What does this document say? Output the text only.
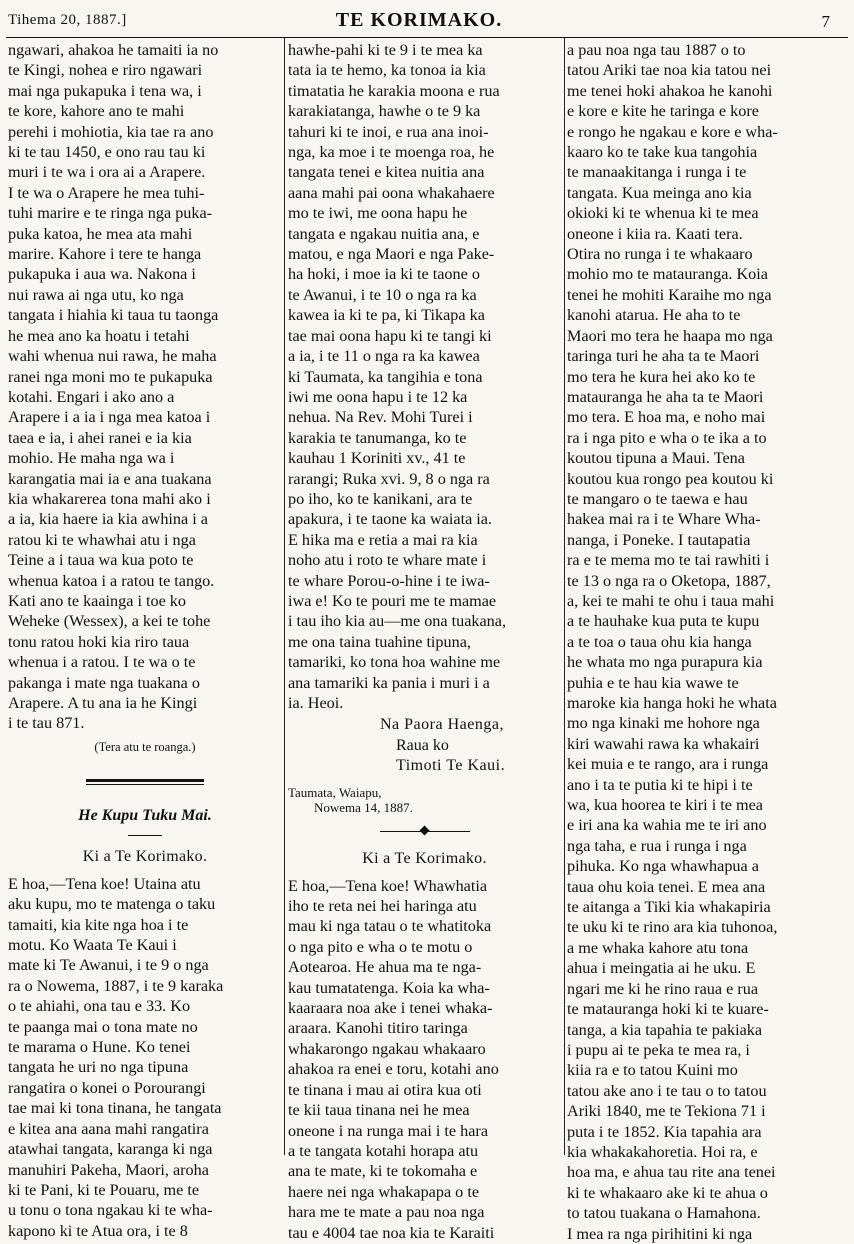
Tihema 20, 1887.]	TE KORIMAKO.	7

ngawari, ahakoa he tamaiti ia no

te Kingi, nohea e riro ngawari

mai nga pukapuka i tena wa, i

te kore, kahore ano te mahi

perehi i mohiotia, kia tae ra ano

ki te tau 1450, e ono rau tau ki

muri i te wa i ora ai a Arapere.

I te wa o Arapere he mea tuhi-

tuhi marire e te ringa nga puka-

puka katoa, he mea ata mahi

marire. Kahore i tere te hanga

pukapuka i aua wa. Nakona i

nui rawa ai nga utu, ko nga

tangata i hiahia ki taua tu taonga

he mea ano ka hoatu i tetahi

wahi whenua nui rawa, he maha

ranei nga moni mo te pukapuka

kotahi. Engari i ako ano a

Arapere i a ia i nga mea katoa i

taea e ia, i ahei ranei e ia kia

mohio. He maha nga wa i

karangatia mai ia e ana tuakana

kia whakarerea tona mahi ako i

a ia, kia haere ia kia awhina i a

ratou ki te whawhai atu i nga

Teine a i taua wa kua poto te

whenua katoa i a ratou te tango.

Kati ano te kaainga i toe ko

Weheke (Wessex), a kei te tohe

tonu ratou hoki kia riro taua

whenua i a ratou. I te wa o te

pakanga i mate nga tuakana o

Arapere. A tu ana ia he Kingi

i te tau 871.

(Tera atu te roanga.)
He Kupu Tuku Mai.
Ki a Te Korimako.

E hoa,—Tena koe! Utaina atu

aku kupu, mo te matenga o taku

tamaiti, kia kite nga hoa i te

motu. Ko Waata Te Kaui i

mate ki Te Awanui, i te 9 o nga

ra o Nowema, 1887, i te 9 karaka

o te ahiahi, ona tau e 33. Ko

te paanga mai o tona mate no

te marama o Hune. Ko tenei

tangata he uri no nga tipuna

rangatira o konei o Porourangi

tae mai ki tona tinana, he tangata

e kitea ana aana mahi rangatira

atawhai tangata, karanga ki nga

manuhiri Pakeha, Maori, aroha

ki te Pani, ki te Pouaru, me te

u tonu o tona ngakau ki te wha-

kapono ki te Atua ora, i te 8

hawhe-pahi ki te 9 i te mea ka

tata ia te hemo, ka tonoa ia kia

timatatia he karakia moona e rua

karakiatanga, hawhe o te 9 ka

tahuri ki te inoi, e rua ana inoi-

nga, ka moe i te moenga roa, he

tangata tenei e kitea nuitia ana

aana mahi pai oona whakahaere

mo te iwi, me oona hapu he

tangata e ngakau nuitia ana, e

matou, e nga Maori e nga Pake-

ha hoki, i moe ia ki te taone o

te Awanui, i te 10 o nga ra ka

kawea ia ki te pa, ki Tikapa ka

tae mai oona hapu ki te tangi ki

a ia, i te 11 o nga ra ka kawea

ki Taumata, ka tangihia e tona

iwi me oona hapu i te 12 ka

nehua. Na Rev. Mohi Turei i

karakia te tanumanga, ko te

kauhau 1 Koriniti xv., 41 te

rarangi; Ruka xvi. 9, 8 o nga ra

po iho, ko te kanikani, ara te

apakura, i te taone ka waiata ia.

E hika ma e retia a mai ra kia

noho atu i roto te whare mate i

te whare Porou-o-hine i te iwa-

iwa e! Ko te pouri me te mamae

i tau iho kia au—me ona tuakana,

me ona taina tuahine tipuna,

tamariki, ko tona hoa wahine me

ana tamariki ka pania i muri i a

ia. Heoi.

Na Paora Haenga,
Raua ko
Timoti Te Kaui.
Taumata, Waiapu,
Nowema 14, 1887.
Ki a Te Korimako.

E hoa,—Tena koe! Whawhatia

iho te reta nei hei haringa atu

mau ki nga tatau o te whatitoka

o nga pito e wha o te motu o

Aotearoa. He ahua ma te nga-

kau tumatatenga. Koia ka wha-

kaaraara noa ake i tenei whaka-

araara. Kanohi titiro taringa

whakarongo ngakau whakaaro

ahakoa ra enei e toru, kotahi ano

te tinana i mau ai otira kua oti

te kii taua tinana nei he mea

oneone i na runga mai i te hara

a te tangata kotahi horapa atu

ana te mate, ki te tokomaha e

haere nei nga whakapapa o te

hara me te mate a pau noa nga

tau e 4004 tae noa kia te Karaiti

a pau noa nga tau 1887 o to

tatou Ariki tae noa kia tatou nei

me tenei hoki ahakoa he kanohi

e kore e kite he taringa e kore

e rongo he ngakau e kore e wha-

kaaro ko te take kua tangohia

te manaakitanga i runga i te

tangata. Kua meinga ano kia

okioki ki te whenua ki te mea

oneone i kiia ra. Kaati tera.

Otira no runga i te whakaaro

mohio mo te matauranga. Koia

tenei he mohiti Karaihe mo nga

kanohi atarua. He aha to te

Maori mo tera he haapa mo nga

taringa turi he aha ta te Maori

mo tera he kura hei ako ko te

matauranga he aha ta te Maori

mo tera. E hoa ma, e noho mai

ra i nga pito e wha o te ika a to

koutou tipuna a Maui. Tena

koutou kua rongo pea koutou ki

te mangaro o te taewa e hau

hakea mai ra i te Whare Wha-

nanga, i Poneke. I tautapatia

ra e te mema mo te tai rawhiti i

te 13 o nga ra o Oketopa, 1887,

a, kei te mahi te ohu i taua mahi

a te hauhake kua puta te kupu

a te toa o taua ohu kia hanga

he whata mo nga purapura kia

puhia e te hau kia wawe te

maroke kia hanga hoki he whata

mo nga kinaki me hohore nga

kiri wawahi rawa ka whakairi

kei muia e te rango, ara i runga

ano i ta te putia ki te hipi i te

wa, kua hoorea te kiri i te mea

e iri ana ka wahia me te iri ano

nga taha, e rua i runga i nga

pihuka. Ko nga whawhapua a

taua ohu koia tenei. E mea ana

te aitanga a Tiki kia whakapiria

te uku ki te rino ara kia tuhonoa,

a me whaka kahore atu tona

ahua i meingatia ai he uku. E

ngari me ki he rino raua e rua

te matauranga hoki ki te kuare-

tanga, a kia tapahia te pakiaka

i pupu ai te peka te mea ra, i

kiia ra e to tatou Kuini mo

tatou ake ano i te tau o to tatou

Ariki 1840, me te Tekiona 71 i

puta i te 1852. Kia tapahia ara

kia whakakahoretia. Hoi ra, e

hoa ma, e ahua tau rite ana tenei

ki te whakaaro ake ki te ahua o

to tatou tuakana o Hamahona.

I mea ra nga pirihitini ki nga
